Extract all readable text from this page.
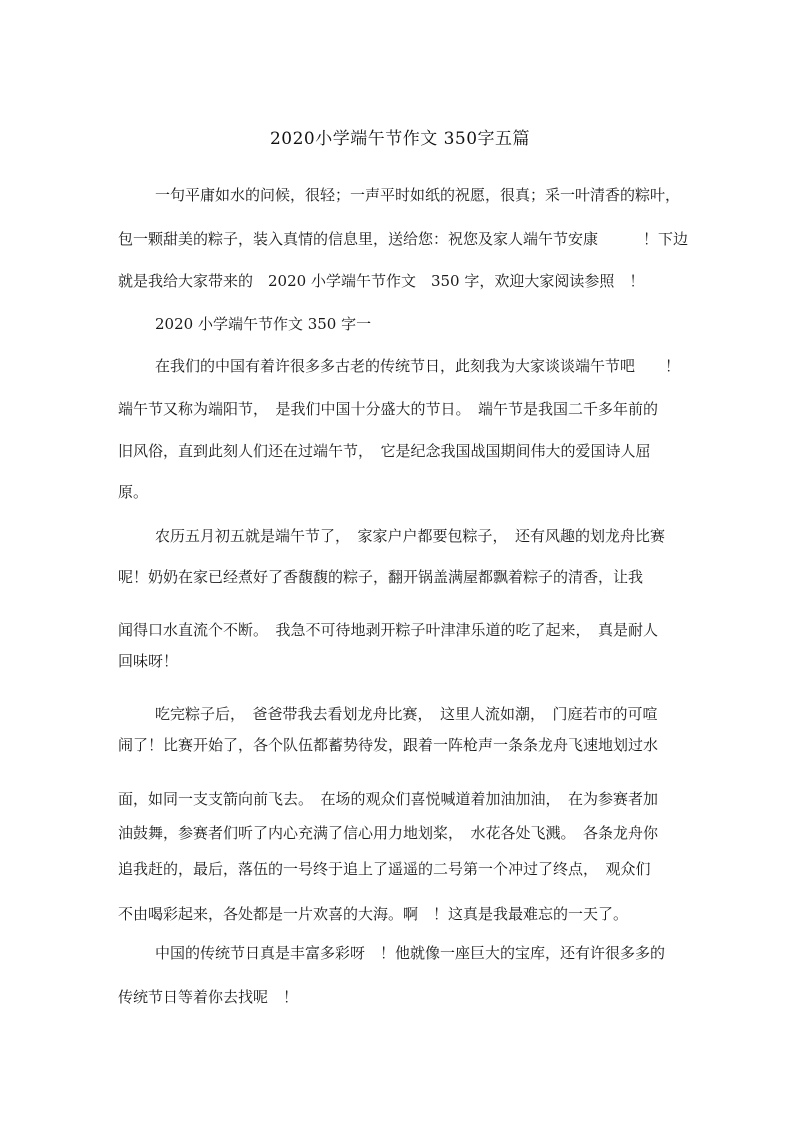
2020小学端午节作文 350字五篇
一句平庸如水的问候，很轻；一声平时如纸的祝愿，很真；采一叶清香的粽叶，
包一颗甜美的粽子，装入真情的信息里，送给您：祝您及家人端午节安康　　　！下边
就是我给大家带来的　2020 小学端午节作文　350 字，欢迎大家阅读参照　！
2020 小学端午节作文 350 字一
在我们的中国有着许很多多古老的传统节日，此刻我为大家谈谈端午节吧　　！
端午节又称为端阳节，　是我们中国十分盛大的节日。　端午节是我国二千多年前的
旧风俗，直到此刻人们还在过端午节，　它是纪念我国战国期间伟大的爱国诗人屈
原。
农历五月初五就是端午节了，　家家户户都要包粽子，　还有风趣的划龙舟比赛
呢！奶奶在家已经煮好了香馥馥的粽子，翻开锅盖满屋都飘着粽子的清香，让我
闻得口水直流个不断。　我急不可待地剥开粽子叶津津乐道的吃了起来，　真是耐人
回味呀！
吃完粽子后，　爸爸带我去看划龙舟比赛，　这里人流如潮，　门庭若市的可喧
闹了！比赛开始了，各个队伍都蓄势待发，跟着一阵枪声一条条龙舟飞速地划过水
面，如同一支支箭向前飞去。　在场的观众们喜悦喊道着加油加油，　在为参赛者加
油鼓舞，参赛者们听了内心充满了信心用力地划桨，　水花各处飞溅。　各条龙舟你
追我赶的，最后，落伍的一号终于追上了遥遥的二号第一个冲过了终点，　观众们
不由喝彩起来，各处都是一片欢喜的大海。啊　！这真是我最难忘的一天了。
中国的传统节日真是丰富多彩呀　！他就像一座巨大的宝库，还有许很多多的
传统节日等着你去找呢　！
